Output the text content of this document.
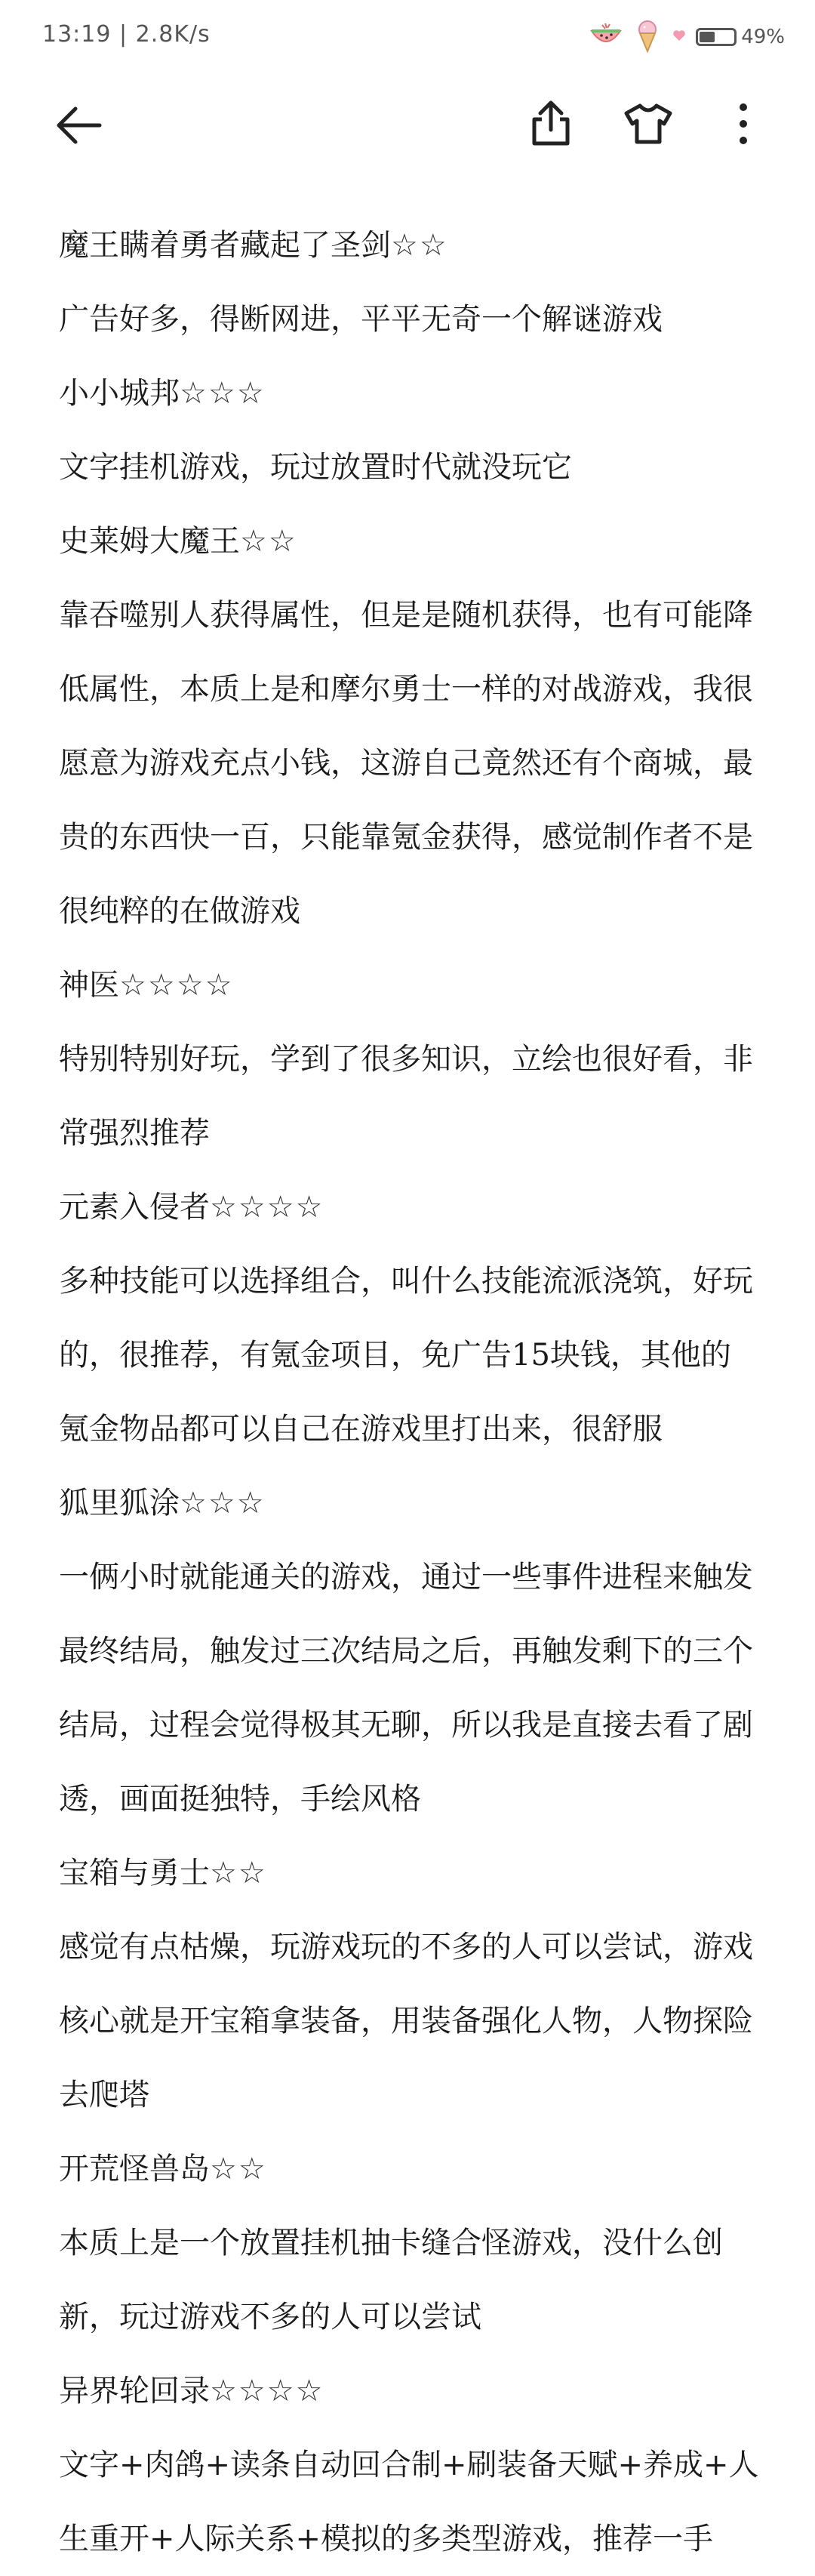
13:19 | 2.8K/s	49%

魔王瞒着勇者藏起了圣剑☆☆

广告好多，得断网进，平平无奇一个解谜游戏

小小城邦☆☆☆

文字挂机游戏，玩过放置时代就没玩它

史莱姆大魔王☆☆

靠吞噬别人获得属性，但是是随机获得，也有可能降低属性，本质上是和摩尔勇士一样的对战游戏，我很愿意为游戏充点小钱，这游自己竟然还有个商城，最贵的东西快一百，只能靠氪金获得，感觉制作者不是很纯粹的在做游戏

神医☆☆☆☆

特别特别好玩，学到了很多知识，立绘也很好看，非常强烈推荐

元素入侵者☆☆☆☆

多种技能可以选择组合，叫什么技能流派浇筑，好玩的，很推荐，有氪金项目，免广告15块钱，其他的氪金物品都可以自己在游戏里打出来，很舒服

狐里狐涂☆☆☆

一俩小时就能通关的游戏，通过一些事件进程来触发最终结局，触发过三次结局之后，再触发剩下的三个结局，过程会觉得极其无聊，所以我是直接去看了剧透，画面挺独特，手绘风格

宝箱与勇士☆☆

感觉有点枯燥，玩游戏玩的不多的人可以尝试，游戏核心就是开宝箱拿装备，用装备强化人物，人物探险去爬塔

开荒怪兽岛☆☆

本质上是一个放置挂机抽卡缝合怪游戏，没什么创新，玩过游戏不多的人可以尝试

异界轮回录☆☆☆☆

文字+肉鸽+读条自动回合制+刷装备天赋+养成+人生重开+人际关系+模拟的多类型游戏，推荐一手
